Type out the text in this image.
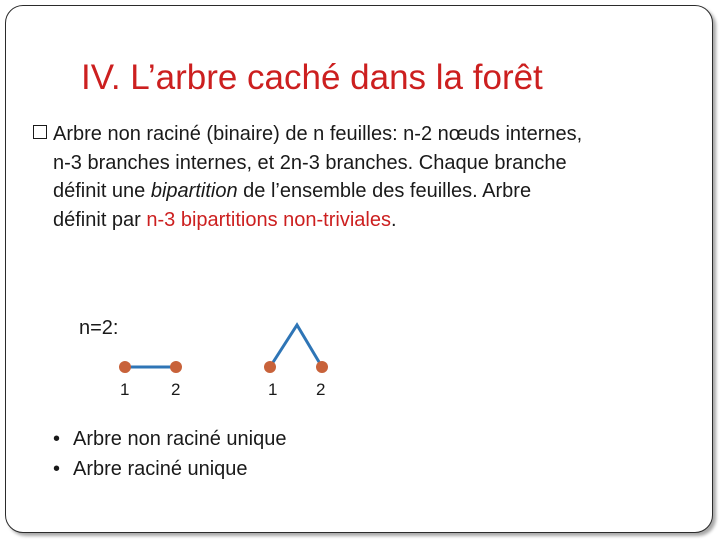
IV. L’arbre caché dans la forêt
Arbre non raciné (binaire) de n feuilles: n-2 nœuds internes,
n-3 branches internes, et 2n-3 branches. Chaque branche
définit une bipartition de l’ensemble des feuilles. Arbre
définit par n-3 bipartitions non-triviales.
n=2:
1 2	1 2
• Arbre non raciné unique
• Arbre raciné unique
